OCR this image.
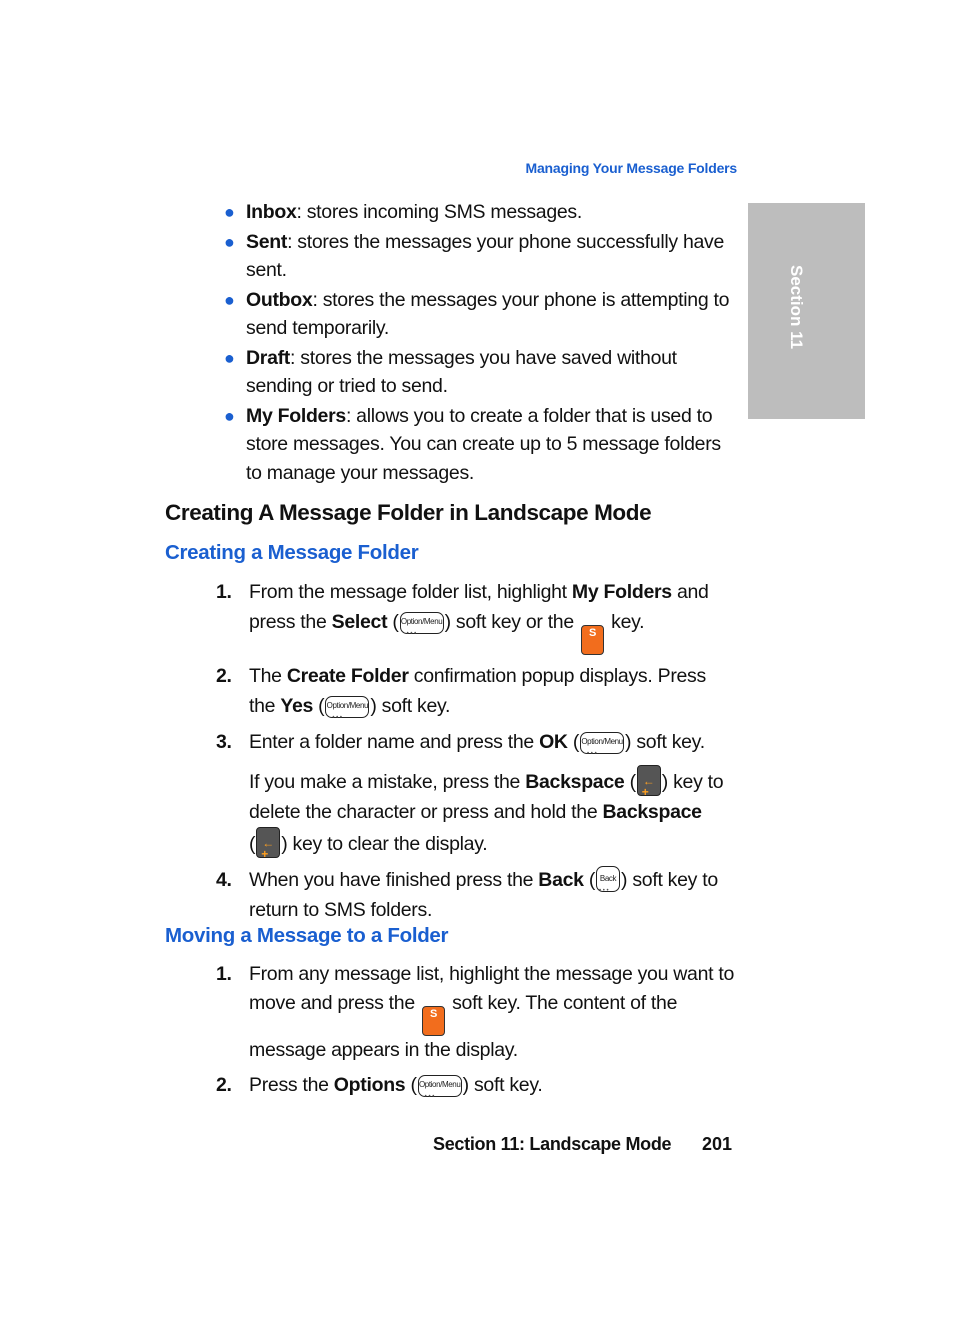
Managing Your Message Folders
Section 11
● Inbox: stores incoming SMS messages.
● Sent: stores the messages your phone successfully have sent.
● Outbox: stores the messages your phone is attempting to send temporarily.
● Draft: stores the messages you have saved without sending or tried to send.
● My Folders: allows you to create a folder that is used to store messages. You can create up to 5 message folders to manage your messages.
Creating A Message Folder in Landscape Mode
Creating a Message Folder
1. From the message folder list, highlight My Folders and press the Select ( Option/Menu
• • • ) soft key or the S key.

2. The Create Folder confirmation popup displays. Press the Yes ( Option/Menu
• • • ) soft key.

3. Enter a folder name and press the OK ( Option/Menu
• • • ) soft key.

If you make a mistake, press the Backspace ( ← + ) key to delete the character or press and hold the Backspace
( ← + ) key to clear the display.

4. When you have finished press the Back ( Back
• • • ) soft key to return to SMS folders.

Moving a Message to a Folder
1. From any message list, highlight the message you want to move and press the S soft key. The content of the message appears in the display.

2. Press the Options ( Option/Menu
• • • ) soft key.

Section 11: Landscape Mode 201
